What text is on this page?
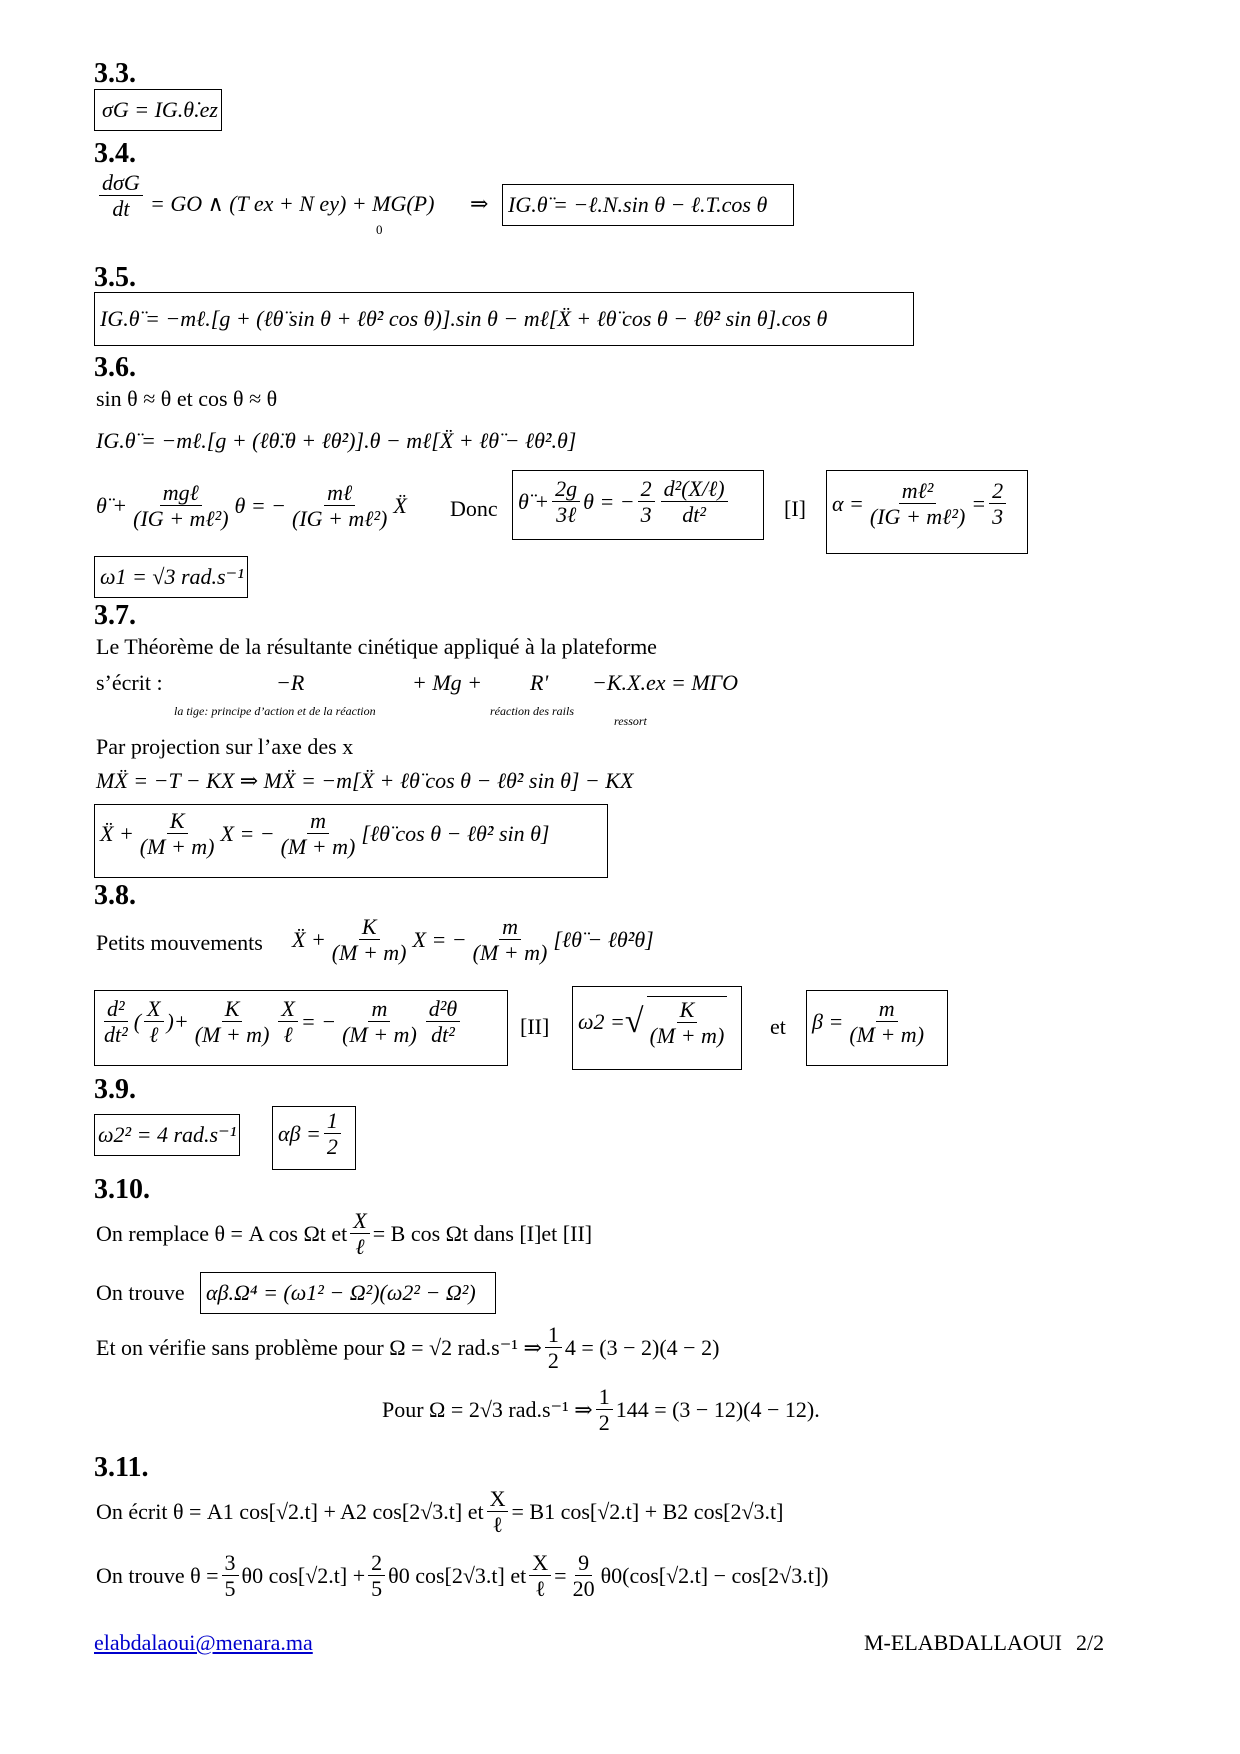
3.3.
σG = IG.θ̇.ez
3.4.
$\frac{\text{dσG}}{dt}$ = GO ∧ (T ex + N ey) + MG(P)
0
⇒ IG.θ̈ = −ℓ.N.sin θ − ℓ.T.cos θ
3.5.
IG.θ̈ = −mℓ.[g + (ℓθ̈ sin θ + ℓθ̇² cos θ)].sin θ − mℓ[Ẍ + ℓθ̈ cos θ − ℓθ̇² sin θ].cos θ
3.6.
sin θ ≈ θ et cos θ ≈ θ
IG.θ̈ = −mℓ.[g + (ℓθ̈.θ + ℓθ̇²)].θ − mℓ[Ẍ + ℓθ̈ − ℓθ̇².θ]
θ̈ + $\frac{\text{mgℓ}}{\text{(IG + mℓ²)}}$ θ = − $\frac{\text{mℓ}}{\text{(IG + mℓ²)}}$ Ẍ Donc θ̈ + $\frac{2g}{\text{3ℓ}}$ θ = − $\frac{2}{3} \frac{\text{d²(X/ℓ)}}{\text{dt²}}$	[I] $\alpha = \frac{\text{mℓ²}}{\text{(IG + mℓ²)}} = \frac{2}{3}$
ω1 = √3 rad.s⁻¹
3.7.
Le Théorème de la résultante cinétique appliqué à la plateforme
s’écrit :	−R	+ Mg + R' −K.X.ex = MΓO
la tige: principe d’action et de la réaction	réaction des rails
ressort
Par projection sur l’axe des x
MẌ = −T − KX ⇒ MẌ = −m[Ẍ + ℓθ̈ cos θ − ℓθ̇² sin θ] − KX
Ẍ + $\frac{K}{(M + m)}$ X = − $\frac{m}{(M + m)}$ [ℓθ̈ cos θ − ℓθ̇² sin θ]
3.8.
Petits mouvements Ẍ + $\frac{K}{(M + m)}$ X = − $\frac{m}{(M + m)}$ [ℓθ̈ − ℓθ̇²θ]
$\frac{\text{d²}}{\text{dt²}}$ ( $\frac{X}{\text{ℓ}}$ ) + $\frac{K}{(M + m)} \frac{X}{\text{ℓ}}$ = − $\frac{m}{(M + m)} \frac{\text{d²θ}}{\text{dt²}}$	[II] ω2 = √ $\frac{K}{(M + m)}$ et $\beta = \frac{m}{(M + m)}$
3.9.
ω2² = 4 rad.s⁻¹ $\alpha\beta = \frac{1}{2}$
3.10.
On remplace θ = A cos Ωt et $\frac{X}{\text{ℓ}} = B$ cos Ωt dans [I]et [II]
On trouve αβ.Ω⁴ = (ω1² − Ω²)(ω2² − Ω²)
Et on vérifie sans problème pour Ω = √2 rad.s⁻¹ ⇒ $\frac{1}{2} 4 = (3 - 2)(4 - 2)$
Pour Ω = 2√3 rad.s⁻¹ ⇒ $\frac{1}{2} 144 = (3 - 12)(4 - 12)$.
3.11.
On écrit θ = A1 cos[√2.t] + A2 cos[2√3.t] et $\frac{X}{\text{ℓ}} = B1$ cos[√2.t] + B2 cos[2√3.t]
On trouve $\theta = \frac{3}{5} \theta 0$ $\cos[√2.t] + \frac{2}{5} \theta 0$ cos[2√3.t] et $\frac{X}{\text{ℓ}} = \frac{9}{20} \theta 0(\cos[√2.t] - \cos[2√3.t])$
elabdalaoui@menara.ma	M-ELABDALLAOUI 2/2
